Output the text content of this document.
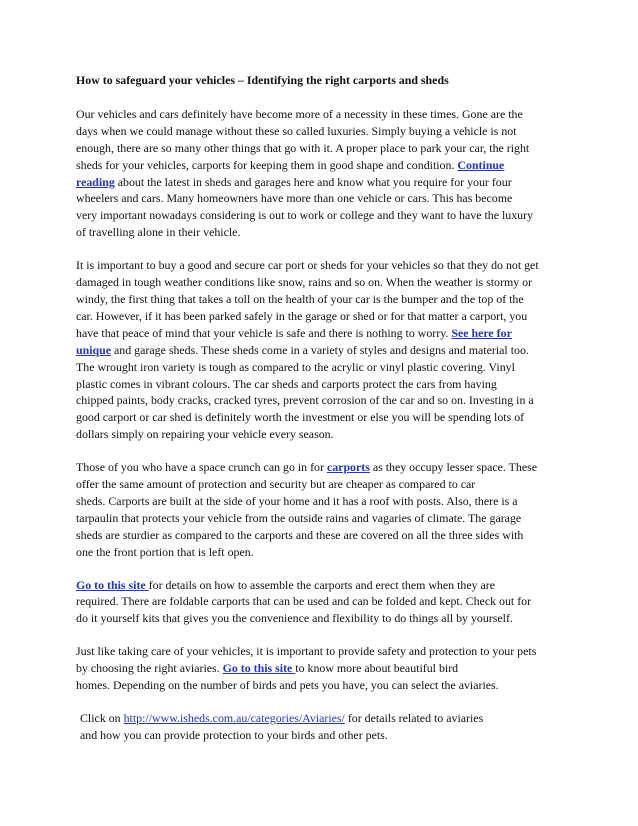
How to safeguard your vehicles – Identifying the right carports and sheds
Our vehicles and cars definitely have become more of a necessity in these times. Gone are the
days when we could manage without these so called luxuries. Simply buying a vehicle is not
enough, there are so many other things that go with it. A proper place to park your car, the right
sheds for your vehicles, carports for keeping them in good shape and condition. Continue
reading about the latest in sheds and garages here and know what you require for your four
wheelers and cars. Many homeowners have more than one vehicle or cars. This has become
very important nowadays considering is out to work or college and they want to have the luxury
of travelling alone in their vehicle.
It is important to buy a good and secure car port or sheds for your vehicles so that they do not get
damaged in tough weather conditions like snow, rains and so on. When the weather is stormy or
windy, the first thing that takes a toll on the health of your car is the bumper and the top of the
car. However, if it has been parked safely in the garage or shed or for that matter a carport, you
have that peace of mind that your vehicle is safe and there is nothing to worry. See here for
unique and garage sheds. These sheds come in a variety of styles and designs and material too.
The wrought iron variety is tough as compared to the acrylic or vinyl plastic covering. Vinyl
plastic comes in vibrant colours. The car sheds and carports protect the cars from having
chipped paints, body cracks, cracked tyres, prevent corrosion of the car and so on. Investing in a
good carport or car shed is definitely worth the investment or else you will be spending lots of
dollars simply on repairing your vehicle every season.
Those of you who have a space crunch can go in for carports as they occupy lesser space. These
offer the same amount of protection and security but are cheaper as compared to car
sheds. Carports are built at the side of your home and it has a roof with posts. Also, there is a
tarpaulin that protects your vehicle from the outside rains and vagaries of climate. The garage
sheds are sturdier as compared to the carports and these are covered on all the three sides with
one the front portion that is left open.
Go to this site for details on how to assemble the carports and erect them when they are
required. There are foldable carports that can be used and can be folded and kept. Check out for
do it yourself kits that gives you the convenience and flexibility to do things all by yourself.
Just like taking care of your vehicles, it is important to provide safety and protection to your pets
by choosing the right aviaries. Go to this site to know more about beautiful bird
homes. Depending on the number of birds and pets you have, you can select the aviaries.
Click on http://www.isheds.com.au/categories/Aviaries/ for details related to aviaries
and how you can provide protection to your birds and other pets.
